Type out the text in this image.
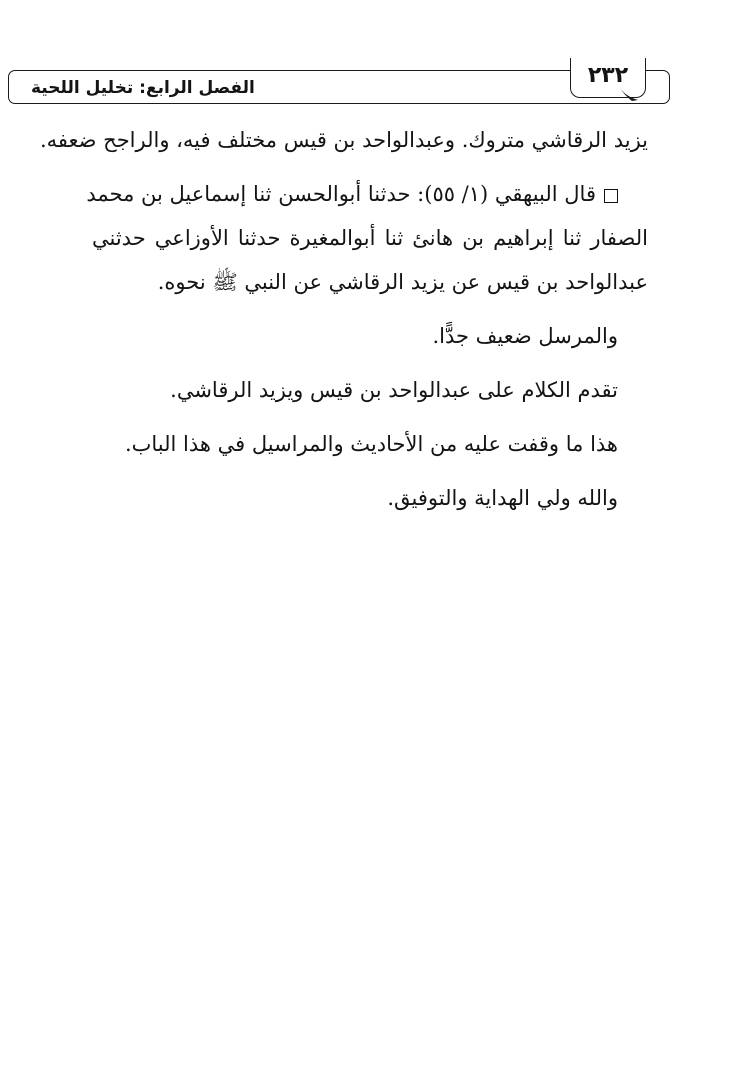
الفصل الرابع: تخليل اللحية	٢٣٢
يزيد الرقاشي متروك. وعبدالواحد بن قيس مختلف فيه، والراجح ضعفه.
قال البيهقي (١/ ٥٥): حدثنا أبوالحسن ثنا إسماعيل بن محمد
الصفار ثنا إبراهيم بن هانئ ثنا أبوالمغيرة حدثنا الأوزاعي حدثني
عبدالواحد بن قيس عن يزيد الرقاشي عن النبي ﷺ نحوه.
والمرسل ضعيف جدًّا.
تقدم الكلام على عبدالواحد بن قيس ويزيد الرقاشي.
هذا ما وقفت عليه من الأحاديث والمراسيل في هذا الباب.
والله ولي الهداية والتوفيق.
